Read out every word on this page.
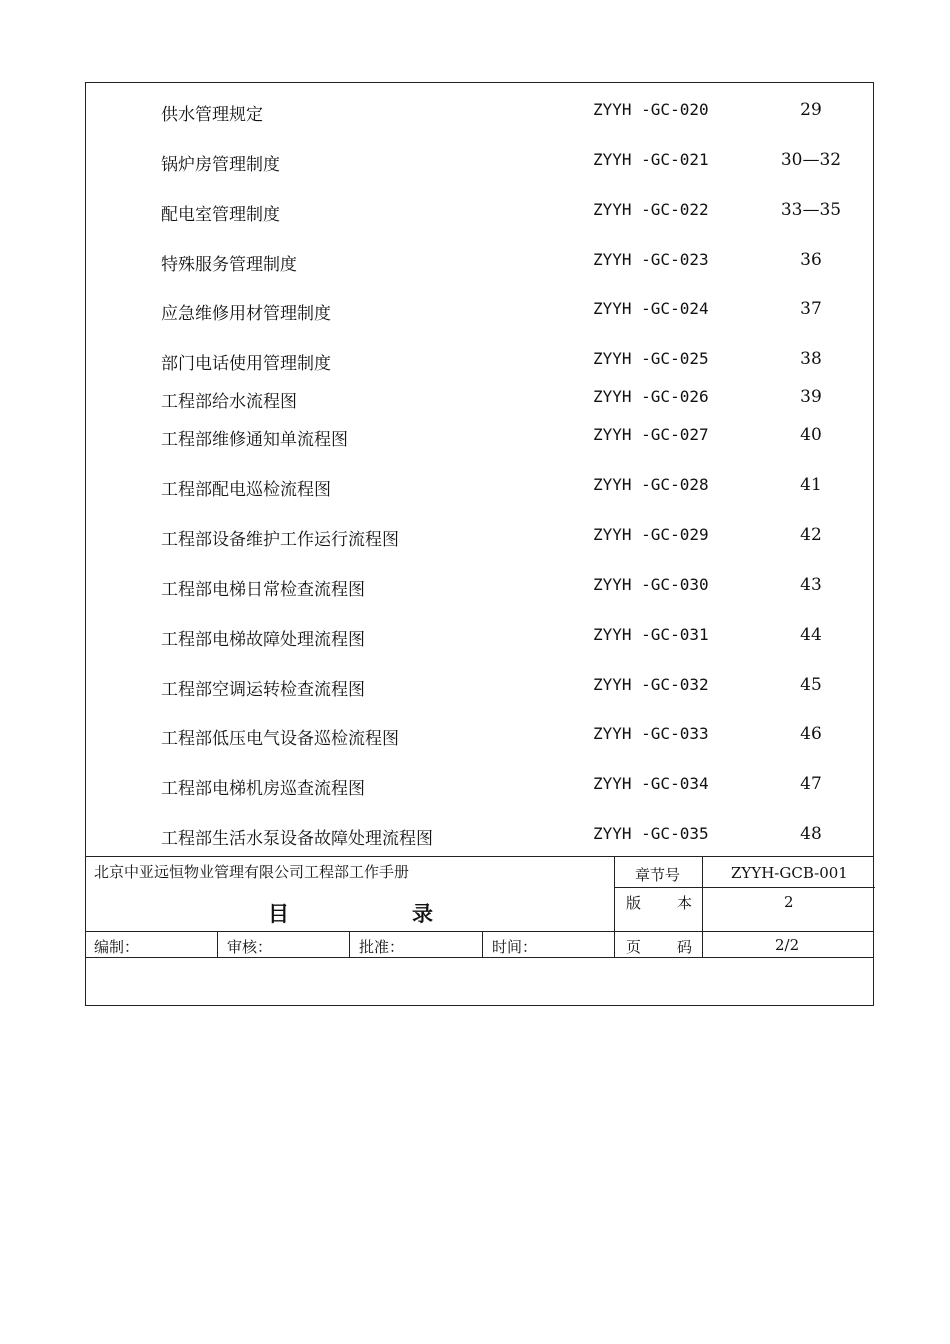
供水管理规定	ZYYH -GC-020	29
锅炉房管理制度	ZYYH -GC-021	30—32
配电室管理制度	ZYYH -GC-022	33—35
特殊服务管理制度	ZYYH -GC-023	36
应急维修用材管理制度	ZYYH -GC-024	37
部门电话使用管理制度	ZYYH -GC-025	38
工程部给水流程图	ZYYH -GC-026	39
工程部维修通知单流程图	ZYYH -GC-027	40
工程部配电巡检流程图	ZYYH -GC-028	41
工程部设备维护工作运行流程图	ZYYH -GC-029	42
工程部电梯日常检查流程图	ZYYH -GC-030	43
工程部电梯故障处理流程图	ZYYH -GC-031	44
工程部空调运转检查流程图	ZYYH -GC-032	45
工程部低压电气设备巡检流程图	ZYYH -GC-033	46
工程部电梯机房巡查流程图	ZYYH -GC-034	47
工程部生活水泵设备故障处理流程图	ZYYH -GC-035	48
北京中亚远恒物业管理有限公司工程部工作手册
目	录
章节号	ZYYH-GCB-001
版 本	2
编制：	审核：	批准：	时间：	页 码	2/2
